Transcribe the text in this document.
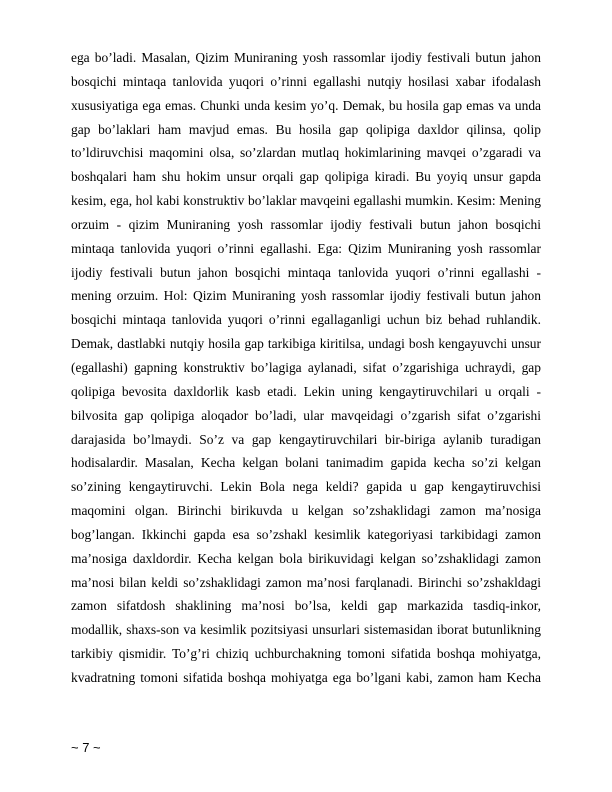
ega bo’ladi. Masalan, Qizim Muniraning yosh rassomlar ijodiy festivali butun jahon
bosqichi mintaqa tanlovida yuqori o’rinni egallashi nutqiy hosilasi xabar ifodalash
xususiyatiga ega emas. Chunki unda kesim yo’q. Demak, bu hosila gap emas va unda
gap bo’laklari ham mavjud emas. Bu hosila gap qolipiga daxldor qilinsa, qolip
to’ldiruvchisi maqomini olsa, so’zlardan mutlaq hokimlarining mavqei o’zgaradi va
boshqalari ham shu hokim unsur orqali gap qolipiga kiradi. Bu yoyiq unsur gapda
kesim, ega, hol kabi konstruktiv bo’laklar mavqeini egallashi mumkin. Kesim: Mening
orzuim - qizim Muniraning yosh rassomlar ijodiy festivali butun jahon bosqichi
mintaqa tanlovida yuqori o’rinni egallashi. Ega: Qizim Muniraning yosh rassomlar
ijodiy festivali butun jahon bosqichi mintaqa tanlovida yuqori o’rinni egallashi -
mening orzuim. Hol: Qizim Muniraning yosh rassomlar ijodiy festivali butun jahon
bosqichi mintaqa tanlovida yuqori o’rinni egallaganligi uchun biz behad ruhlandik.
Demak, dastlabki nutqiy hosila gap tarkibiga kiritilsa, undagi bosh kengayuvchi unsur
(egallashi) gapning konstruktiv bo’lagiga aylanadi, sifat o’zgarishiga uchraydi, gap
qolipiga bevosita daxldorlik kasb etadi. Lekin uning kengaytiruvchilari u orqali -
bilvosita gap qolipiga aloqador bo’ladi, ular mavqeidagi o’zgarish sifat o’zgarishi
darajasida bo’lmaydi. So’z va gap kengaytiruvchilari bir-biriga aylanib turadigan
hodisalardir. Masalan, Kecha kelgan bolani tanimadim gapida kecha so’zi kelgan
so’zining kengaytiruvchi. Lekin Bola nega keldi? gapida u gap kengaytiruvchisi
maqomini olgan. Birinchi birikuvda u kelgan so’zshaklidagi zamon ma’nosiga
bog’langan. Ikkinchi gapda esa so’zshakl kesimlik kategoriyasi tarkibidagi zamon
ma’nosiga daxldordir. Kecha kelgan bola birikuvidagi kelgan so’zshaklidagi zamon
ma’nosi bilan keldi so’zshaklidagi zamon ma’nosi farqlanadi. Birinchi so’zshakldagi
zamon sifatdosh shaklining ma’nosi bo’lsa, keldi gap markazida tasdiq-inkor,
modallik, shaxs-son va kesimlik pozitsiyasi unsurlari sistemasidan iborat butunlikning
tarkibiy qismidir. To’g’ri chiziq uchburchakning tomoni sifatida boshqa mohiyatga,
kvadratning tomoni sifatida boshqa mohiyatga ega bo’lgani kabi, zamon ham Kecha
~ 7 ~
